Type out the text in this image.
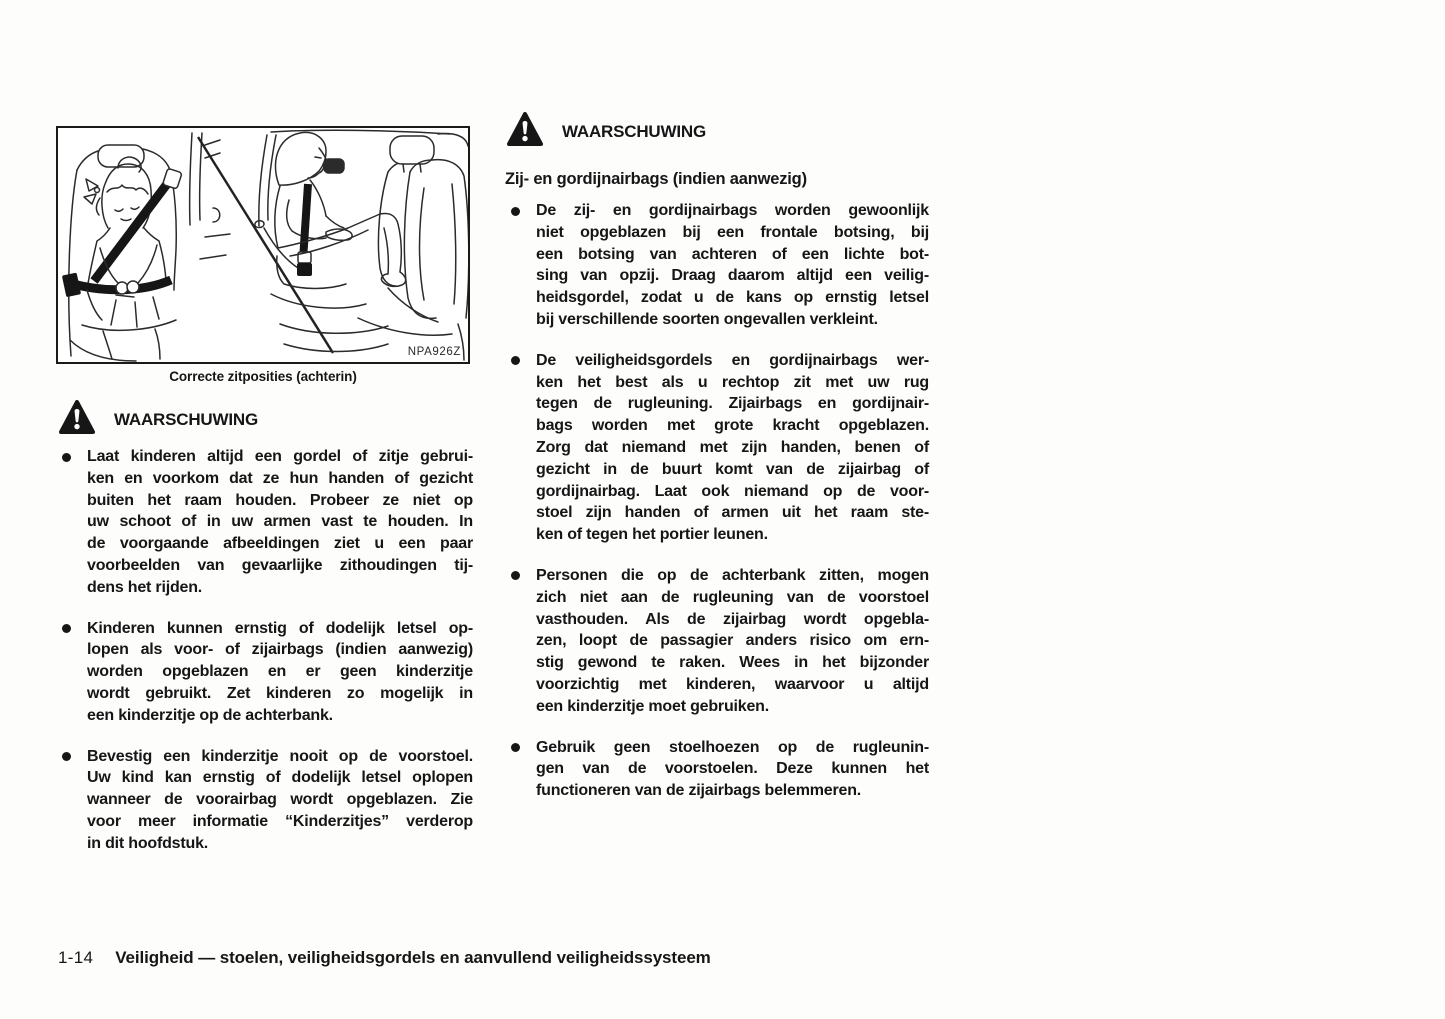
NPA926Z
Correcte zitposities (achterin)
WAARSCHUWING
Laat kinderen altijd een gordel of zitje gebrui-
ken en voorkom dat ze hun handen of gezicht
buiten het raam houden. Probeer ze niet op
uw schoot of in uw armen vast te houden. In
de voorgaande afbeeldingen ziet u een paar
voorbeelden van gevaarlijke zithoudingen tij-
dens het rijden.
Kinderen kunnen ernstig of dodelijk letsel op-
lopen als voor- of zijairbags (indien aanwezig)
worden opgeblazen en er geen kinderzitje
wordt gebruikt. Zet kinderen zo mogelijk in
een kinderzitje op de achterbank.
Bevestig een kinderzitje nooit op de voorstoel.
Uw kind kan ernstig of dodelijk letsel oplopen
wanneer de voorairbag wordt opgeblazen. Zie
voor meer informatie “Kinderzitjes” verderop
in dit hoofdstuk.
WAARSCHUWING
Zij- en gordijnairbags (indien aanwezig)
De zij- en gordijnairbags worden gewoonlijk
niet opgeblazen bij een frontale botsing, bij
een botsing van achteren of een lichte bot-
sing van opzij. Draag daarom altijd een veilig-
heidsgordel, zodat u de kans op ernstig letsel
bij verschillende soorten ongevallen verkleint.
De veiligheidsgordels en gordijnairbags wer-
ken het best als u rechtop zit met uw rug
tegen de rugleuning. Zijairbags en gordijnair-
bags worden met grote kracht opgeblazen.
Zorg dat niemand met zijn handen, benen of
gezicht in de buurt komt van de zijairbag of
gordijnairbag. Laat ook niemand op de voor-
stoel zijn handen of armen uit het raam ste-
ken of tegen het portier leunen.
Personen die op de achterbank zitten, mogen
zich niet aan de rugleuning van de voorstoel
vasthouden. Als de zijairbag wordt opgebla-
zen, loopt de passagier anders risico om ern-
stig gewond te raken. Wees in het bijzonder
voorzichtig met kinderen, waarvoor u altijd
een kinderzitje moet gebruiken.
Gebruik geen stoelhoezen op de rugleunin-
gen van de voorstoelen. Deze kunnen het
functioneren van de zijairbags belemmeren.
1-14 Veiligheid — stoelen, veiligheidsgordels en aanvullend veiligheidssysteem
